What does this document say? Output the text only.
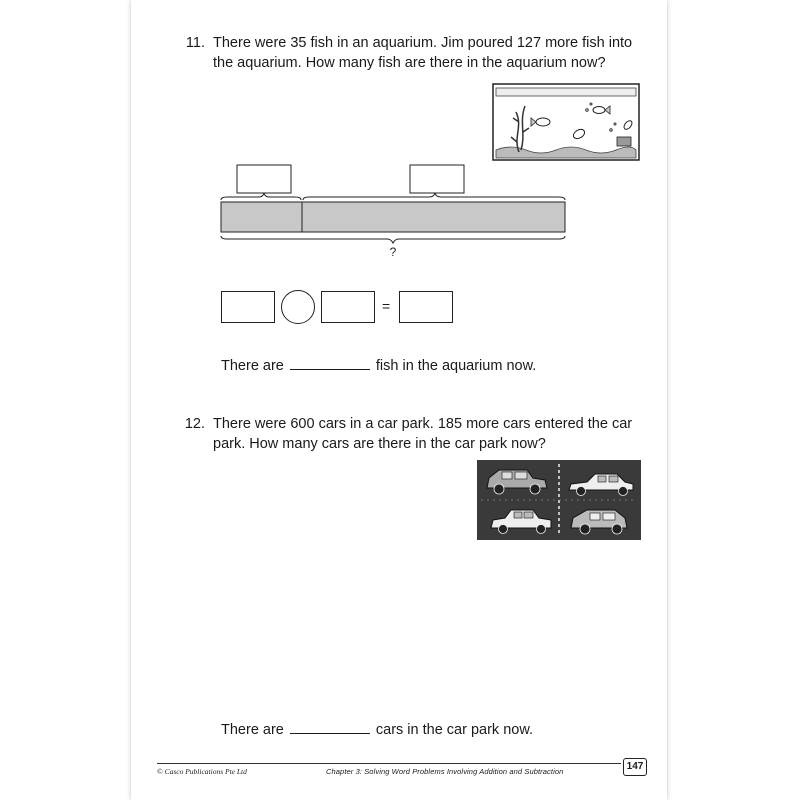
11. There were 35 fish in an aquarium. Jim poured 127 more fish into the aquarium. How many fish are there in the aquarium now?
?
=
There are	fish in the aquarium now.
12. There were 600 cars in a car park. 185 more cars entered the car park. How many cars are there in the car park now?
There are	cars in the car park now.
© Casco Publications Pte Ltd	Chapter 3: Solving Word Problems Involving Addition and Subtraction	147
